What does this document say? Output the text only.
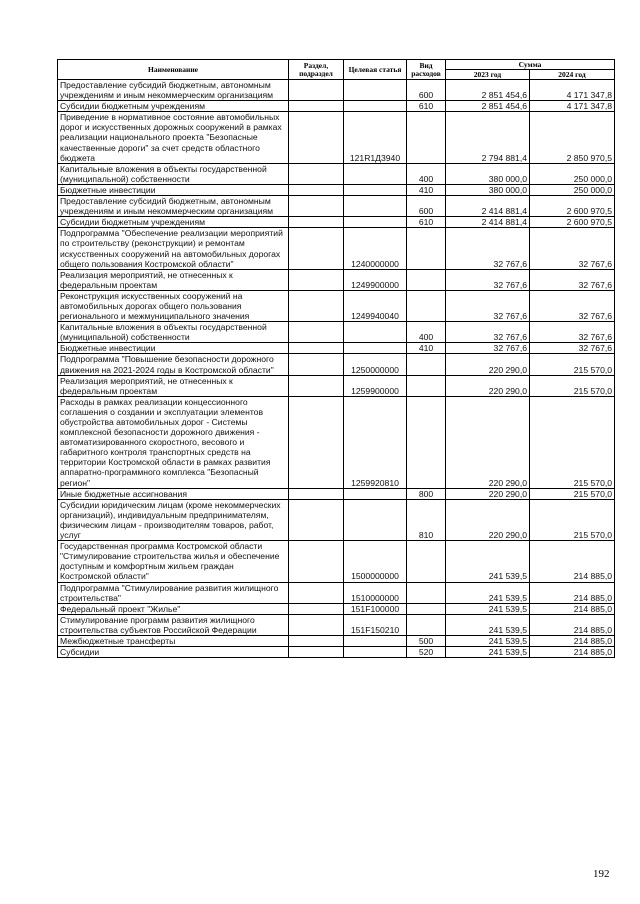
Наименование	Раздел, подраздел	Целевая статья	Вид расходов	Сумма	
				2023 год	2024 год
Предоставление субсидий бюджетным, автономным учреждениям и иным некоммерческим организациям			600	2 851 454,6	4 171 347,8
Субсидии бюджетным учреждениям			610	2 851 454,6	4 171 347,8
Приведение в нормативное состояние автомобильных дорог и искусственных дорожных сооружений в рамках реализации национального проекта "Безопасные качественные дороги" за счет средств областного бюджета		121R1Д3940		2 794 881,4	2 850 970,5
Капитальные вложения в объекты государственной (муниципальной) собственности			400	380 000,0	250 000,0
Бюджетные инвестиции			410	380 000,0	250 000,0
Предоставление субсидий бюджетным, автономным учреждениям и иным некоммерческим организациям			600	2 414 881,4	2 600 970,5
Субсидии бюджетным учреждениям			610	2 414 881,4	2 600 970,5
Подпрограмма "Обеспечение реализации мероприятий по строительству (реконструкции) и ремонтам искусственных сооружений на автомобильных дорогах общего пользования Костромской области"		1240000000		32 767,6	32 767,6
Реализация мероприятий, не отнесенных к федеральным проектам		1249900000		32 767,6	32 767,6
Реконструкция искусственных сооружений на автомобильных дорогах общего пользования регионального и межмуниципального значения		1249940040		32 767,6	32 767,6
Капитальные вложения в объекты государственной (муниципальной) собственности			400	32 767,6	32 767,6
Бюджетные инвестиции			410	32 767,6	32 767,6
Подпрограмма "Повышение безопасности дорожного движения на 2021-2024 годы в Костромской области"		1250000000		220 290,0	215 570,0
Реализация мероприятий, не отнесенных к федеральным проектам		1259900000		220 290,0	215 570,0
Расходы в рамках реализации концессионного соглашения о создании и эксплуатации элементов обустройства автомобильных дорог - Системы комплексной безопасности дорожного движения - автоматизированного скоростного, весового и габаритного контроля транспортных средств на территории Костромской области в рамках развития аппаратно-программного комплекса "Безопасный регион"		1259920810		220 290,0	215 570,0
Иные бюджетные ассигнования			800	220 290,0	215 570,0
Субсидии юридическим лицам (кроме некоммерческих организаций), индивидуальным предпринимателям, физическим лицам - производителям товаров, работ, услуг			810	220 290,0	215 570,0
Государственная программа Костромской области "Стимулирование строительства жилья и обеспечение доступным и комфортным жильем граждан Костромской области"		1500000000		241 539,5	214 885,0
Подпрограмма "Стимулирование развития жилищного строительства"		1510000000		241 539,5	214 885,0
Федеральный проект "Жилье"		151F100000		241 539,5	214 885,0
Стимулирование программ развития жилищного строительства субъектов Российской Федерации		151F150210		241 539,5	214 885,0
Межбюджетные трансферты			500	241 539,5	214 885,0
Субсидии			520	241 539,5	214 885,0
192
